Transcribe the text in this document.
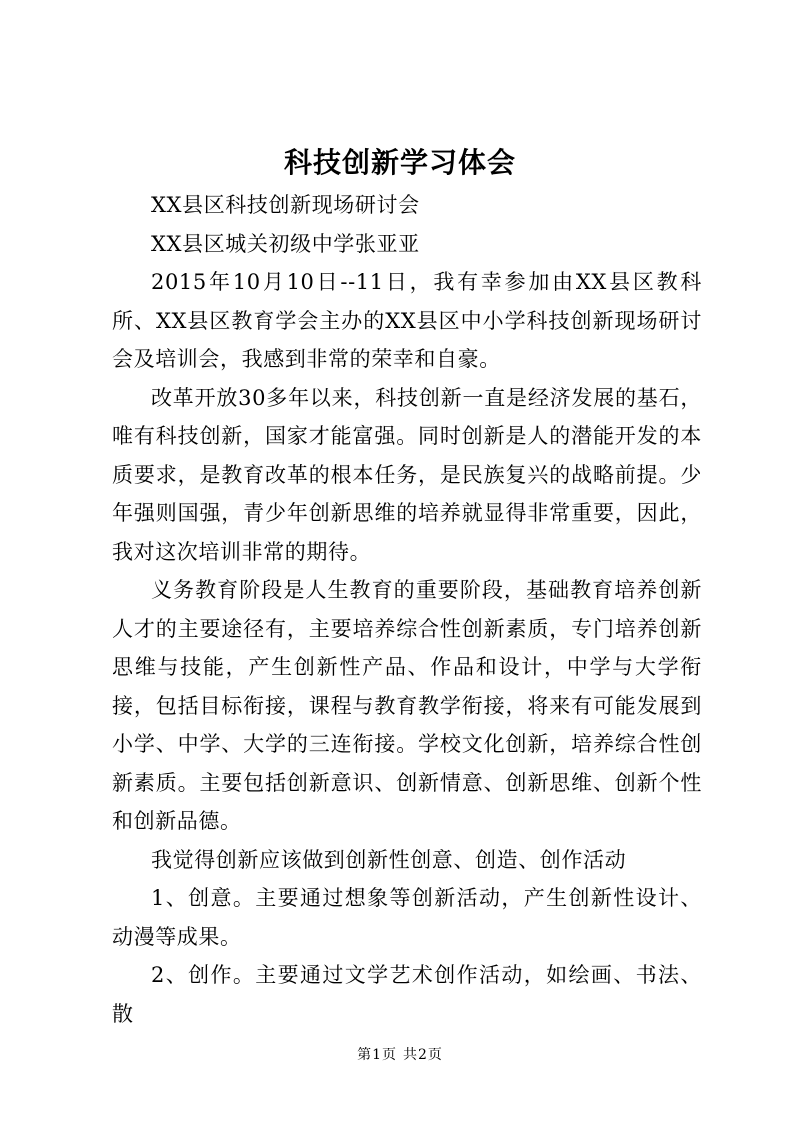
科技创新学习体会

XX县区科技创新现场研讨会

XX县区城关初级中学张亚亚

2015年10月10日--11日，我有幸参加由XX县区教科所、XX县区教育学会主办的XX县区中小学科技创新现场研讨会及培训会，我感到非常的荣幸和自豪。

改革开放30多年以来，科技创新一直是经济发展的基石，唯有科技创新，国家才能富强。同时创新是人的潜能开发的本质要求，是教育改革的根本任务，是民族复兴的战略前提。少年强则国强，青少年创新思维的培养就显得非常重要，因此，我对这次培训非常的期待。

义务教育阶段是人生教育的重要阶段，基础教育培养创新人才的主要途径有，主要培养综合性创新素质，专门培养创新思维与技能，产生创新性产品、作品和设计，中学与大学衔接，包括目标衔接，课程与教育教学衔接，将来有可能发展到小学、中学、大学的三连衔接。学校文化创新，培养综合性创新素质。主要包括创新意识、创新情意、创新思维、创新个性和创新品德。

我觉得创新应该做到创新性创意、创造、创作活动

1、创意。主要通过想象等创新活动，产生创新性设计、动漫等成果。

2、创作。主要通过文学艺术创作活动，如绘画、书法、散

第1页 共2页
